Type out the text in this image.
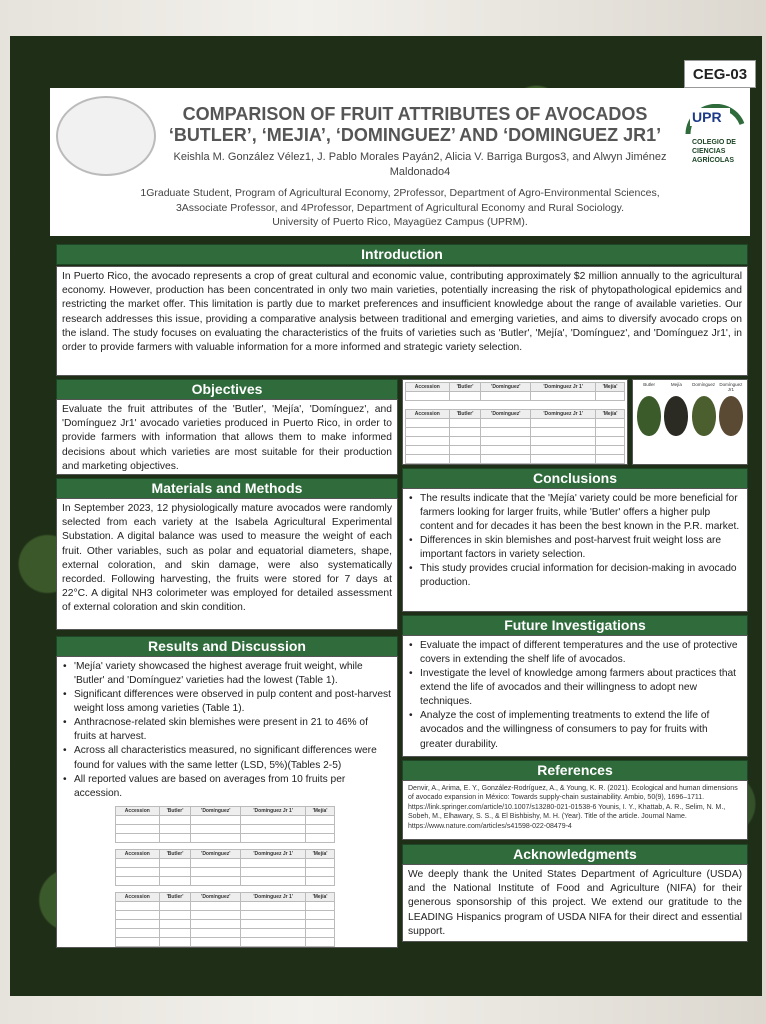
CEG-03
UPR
COLEGIO DE
CIENCIAS
AGRÍCOLAS
COMPARISON OF FRUIT ATTRIBUTES OF AVOCADOS
‘BUTLER’, ‘MEJIA’, ‘DOMINGUEZ’ AND ‘DOMINGUEZ JR1’
Keishla M. González Vélez1, J. Pablo Morales Payán2, Alicia V. Barriga Burgos3, and Alwyn Jiménez Maldonado4
1Graduate Student, Program of Agricultural Economy, 2Professor, Department of Agro-Environmental Sciences,
3Associate Professor, and 4Professor, Department of Agricultural Economy and Rural Sociology.
University of Puerto Rico, Mayagüez Campus (UPRM).
Introduction
In Puerto Rico, the avocado represents a crop of great cultural and economic value, contributing approximately $2 million annually to the agricultural economy. However, production has been concentrated in only two main varieties, potentially increasing the risk of phytopathological epidemics and restricting the market offer. This limitation is partly due to market preferences and insufficient knowledge about the range of available varieties. Our research addresses this issue, providing a comparative analysis between traditional and emerging varieties, and aims to diversify avocado crops on the island. The study focuses on evaluating the characteristics of the fruits of varieties such as 'Butler', 'Mejía', 'Domínguez', and 'Domínguez Jr1', in order to provide farmers with valuable information for a more informed and strategic variety selection.
Objectives
Evaluate the fruit attributes of the 'Butler', 'Mejía', 'Domínguez', and 'Domínguez Jr1' avocado varieties produced in Puerto Rico, in order to provide farmers with information that allows them to make informed decisions about which varieties are most suitable for their production and marketing objectives.
Materials and Methods
In September 2023, 12 physiologically mature avocados were randomly selected from each variety at the Isabela Agricultural Experimental Substation. A digital balance was used to measure the weight of each fruit. Other variables, such as polar and equatorial diameters, shape, external coloration, and skin damage, were also systematically recorded. Following harvesting, the fruits were stored for 7 days at 22°C. A digital NH3 colorimeter was employed for detailed assessment of external coloration and skin condition.
Results and Discussion
• 'Mejía' variety showcased the highest average fruit weight, while 'Butler' and 'Domínguez' varieties had the lowest (Table 1).
• Significant differences were observed in pulp content and post-harvest weight loss among varieties (Table 1).
• Anthracnose-related skin blemishes were present in 21 to 46% of fruits at harvest.
• Across all characteristics measured, no significant differences were found for values with the same letter (LSD, 5%)(Tables 2-5)
• All reported values are based on averages from 10 fruits per accession.
Accession	'Butler'	'Domínguez'	'Domínguez Jr 1'	'Mejía'

Accession	'Butler'	'Domínguez'	'Domínguez Jr 1'	'Mejía'

Accession	'Butler'	'Domínguez'	'Domínguez Jr 1'	'Mejía'

Accession	'Butler'	'Domínguez'	'Domínguez Jr 1'	'Mejía'

Accession	'Butler'	'Domínguez'	'Domínguez Jr 1'	'Mejía'

Butler	Mejía	Domínguez Domínguez Jr1
Conclusions
• The results indicate that the 'Mejía' variety could be more beneficial for farmers looking for larger fruits, while 'Butler' offers a higher pulp content and for decades it has been the best known in the P.R. market.
• Differences in skin blemishes and post-harvest fruit weight loss are important factors in variety selection.
• This study provides crucial information for decision-making in avocado production.
Future Investigations
• Evaluate the impact of different temperatures and the use of protective covers in extending the shelf life of avocados.
• Investigate the level of knowledge among farmers about practices that extend the life of avocados and their willingness to adopt new techniques.
• Analyze the cost of implementing treatments to extend the life of avocados and the willingness of consumers to pay for fruits with greater durability.
References
Denvir, A., Arima, E. Y., González-Rodríguez, A., & Young, K. R. (2021). Ecological and human dimensions of avocado expansion in México: Towards supply-chain sustainability. Ambio, 50(9), 1696–1711. https://link.springer.com/article/10.1007/s13280-021-01538-6 Younis, I. Y., Khattab, A. R., Selim, N. M., Sobeh, M., Elhawary, S. S., & El Bishbishy, M. H. (Year). Title of the article. Journal Name. https://www.nature.com/articles/s41598-022-08479-4
Acknowledgments
We deeply thank the United States Department of Agriculture (USDA) and the National Institute of Food and Agriculture (NIFA) for their generous sponsorship of this project. We extend our gratitude to the LEADING Hispanics program of USDA NIFA for their direct and essential support.
